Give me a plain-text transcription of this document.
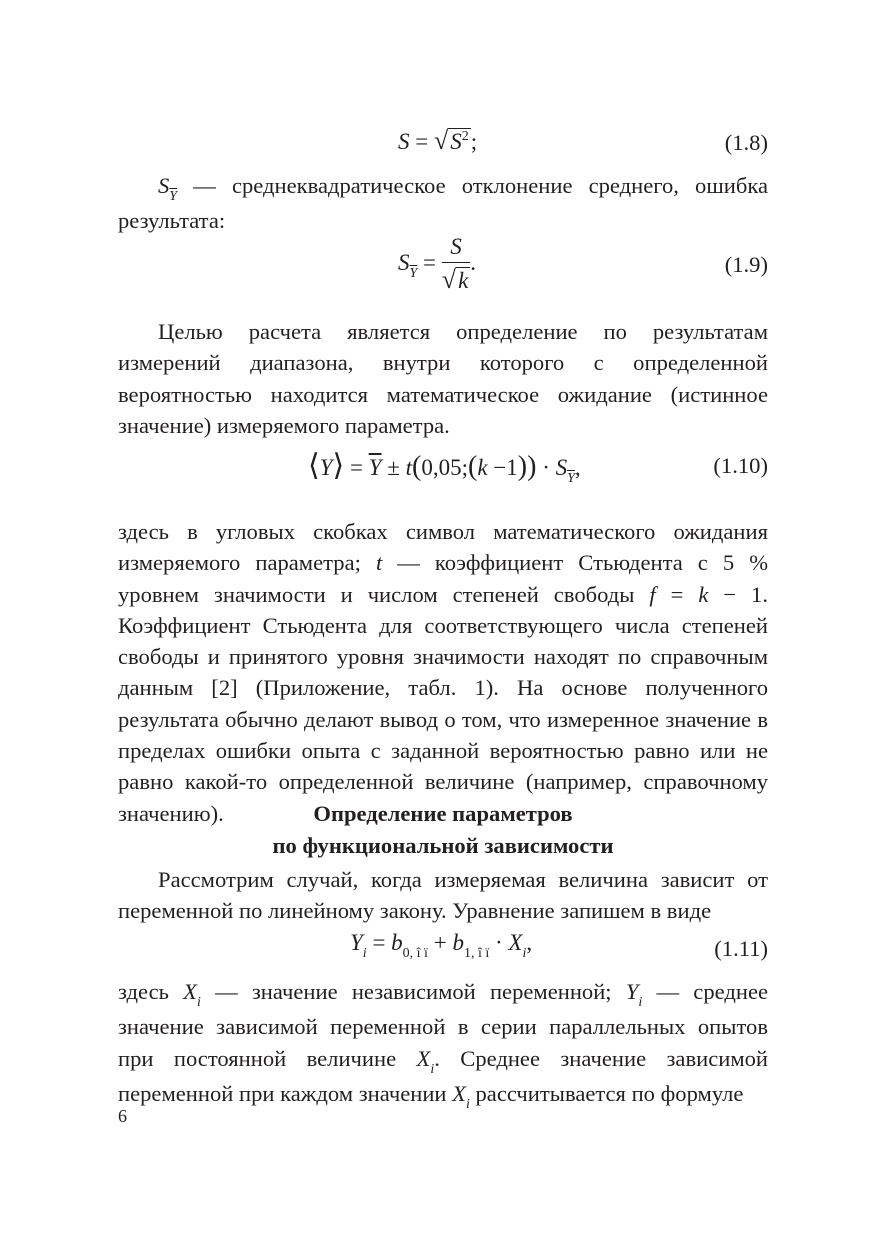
$S = √S^2$;	(1.8)
$S_{\overline{Y}}$ — среднеквадратическое отклонение среднего, ошибка результата:
$S_{\overline{Y}} = \frac{S}{√k}$ .	(1.9)
Целью расчета является определение по результатам измерений диапазона, внутри которого с определенной вероятностью находится математическое ожидание (истинное значение) измеряемого параметра.
⟨Y⟩ = $\overline{Y}$ ± t(0,05;(k $-1)) \cdot S_{\overline{Y}}$,	(1.10)
здесь в угловых скобках символ математического ожидания измеряемого параметра; t — коэффициент Стьюдента с 5 % уровнем значимости и числом степеней свободы f = k − 1. Коэффициент Стьюдента для соответствующего числа степеней свободы и принятого уровня значимости находят по справочным данным [2] (Приложение, табл. 1). На основе полученного результата обычно делают вывод о том, что измеренное значение в пределах ошибки опыта с заданной вероятностью равно или не равно какой-то определенной величине (например, справочному значению).	Определение параметров
по функциональной зависимости
Рассмотрим случай, когда измеряемая величина зависит от переменной по линейному закону. Уравнение запишем в виде
$Y_i = b_{0, î ï} + b_{1, î ï} \cdot X_i$,	(1.11)
здесь $X_i$ — значение независимой переменной; $Y_i$ — среднее значение зависимой переменной в серии параллельных опытов при постоянной величине $X_i$. Среднее значение зависимой переменной при каждом значении $X_i$ рассчитывается по формуле
6
